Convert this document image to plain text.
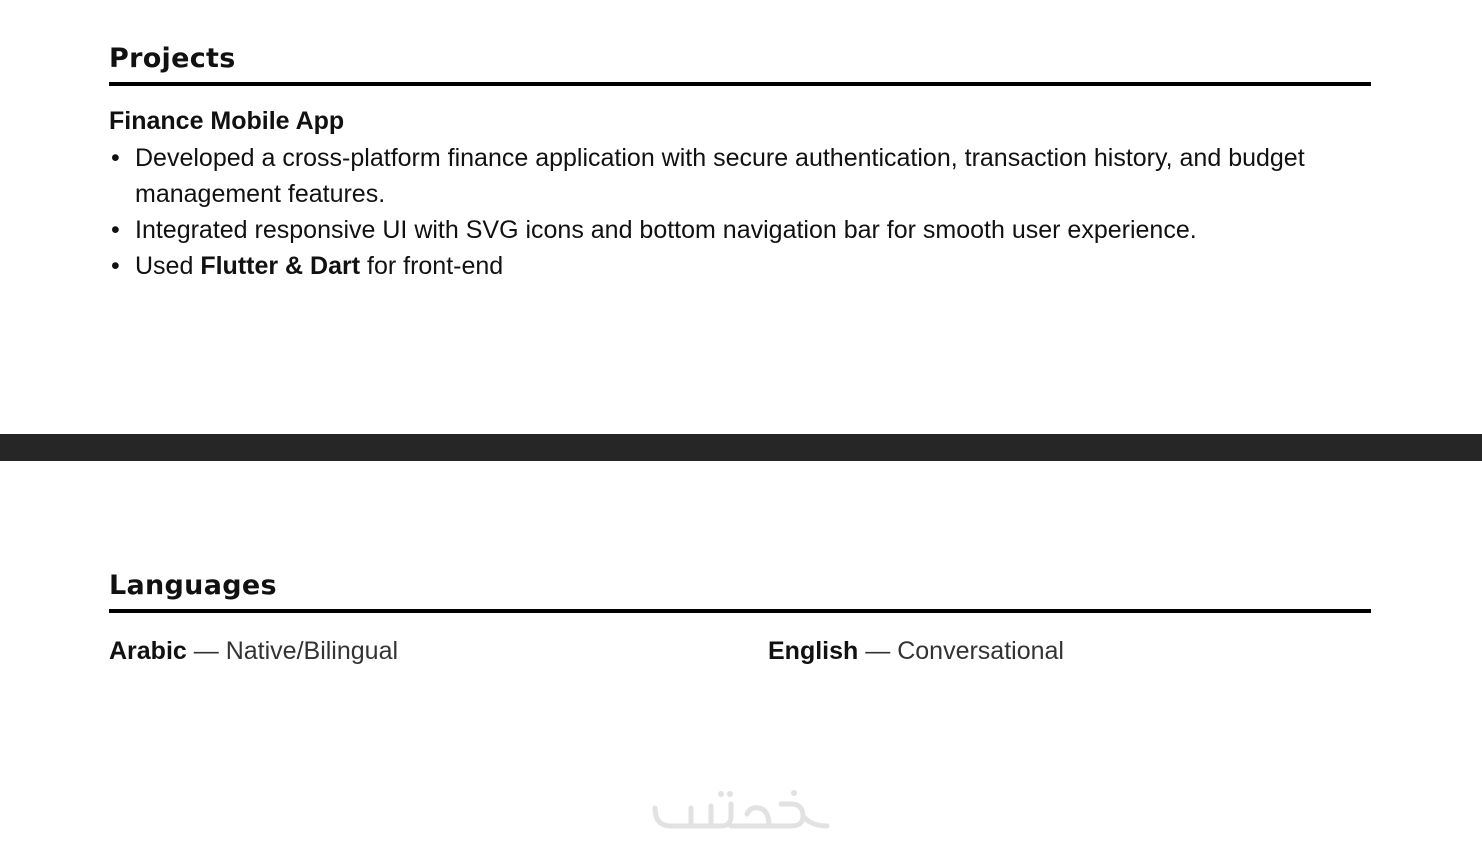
Projects
Finance Mobile App
• Developed a cross-platform finance application with secure authentication, transaction history, and budget management features.
• Integrated responsive UI with SVG icons and bottom navigation bar for smooth user experience.
• Used Flutter & Dart for front-end
Languages
Arabic — Native/Bilingual	English — Conversational
